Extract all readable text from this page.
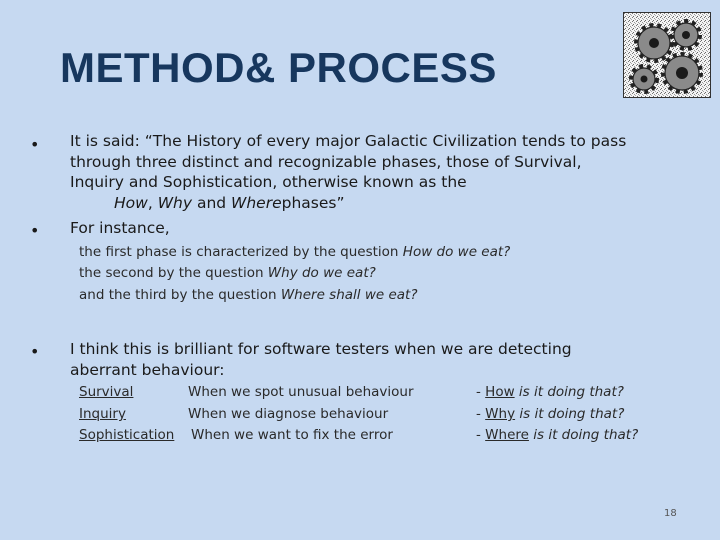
METHOD& PROCESS
• It is said: “The History of every major Galactic Civilization tends to pass
through three distinct and recognizable phases, those of Survival,
Inquiry and Sophistication, otherwise known as the
How, Why and Wherephases”
• For instance,
the first phase is characterized by the question How do we eat?
the second by the question Why do we eat?
and the third by the question Where shall we eat?
• I think this is brilliant for software testers when we are detecting
aberrant behaviour:
Survival	When we spot unusual behaviour	- How is it doing that?
Inquiry	When we diagnose behaviour	- Why is it doing that?
Sophistication When we want to fix the error	- Where is it doing that?
18
